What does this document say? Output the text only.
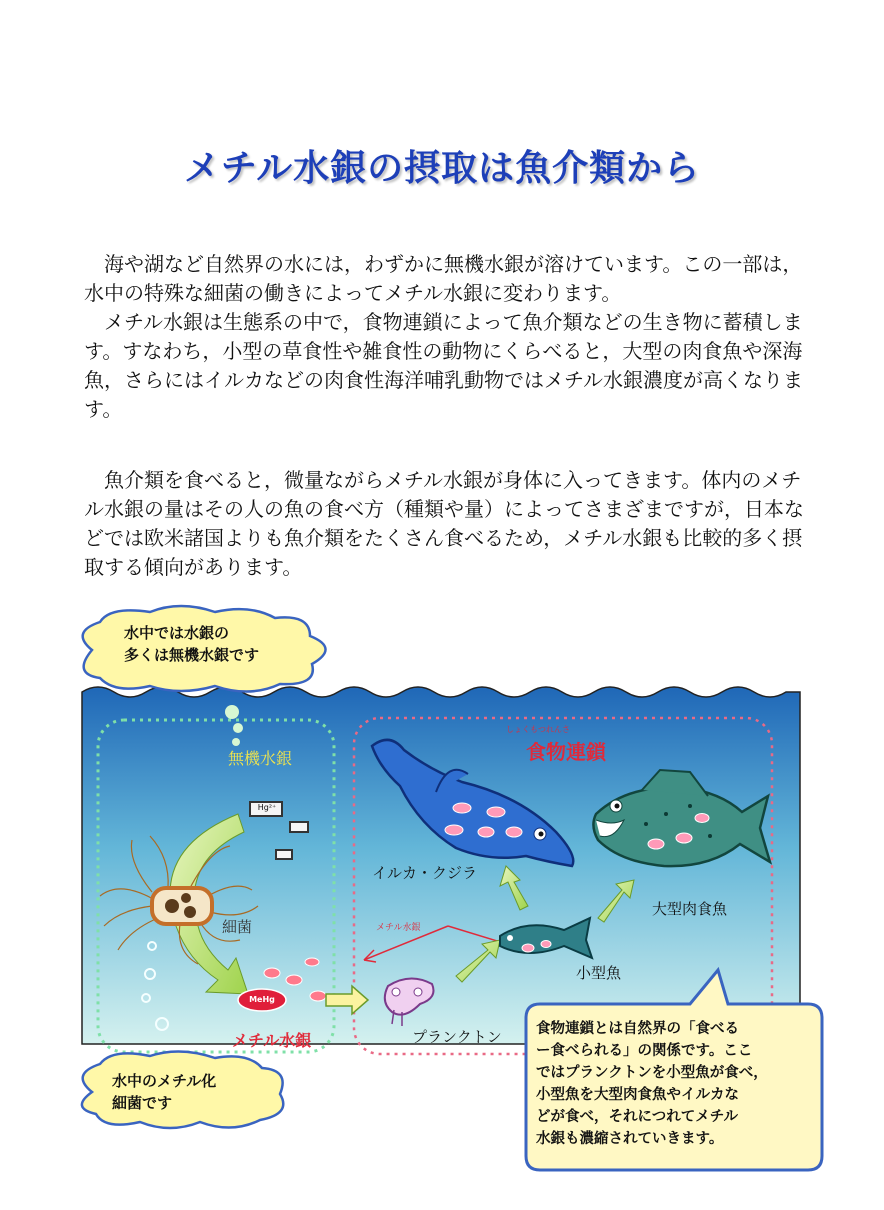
メチル水銀の摂取は魚介類から

　海や湖など自然界の水には，わずかに無機水銀が溶けています。この一部は，水中の特殊な細菌の働きによってメチル水銀に変わります。
　メチル水銀は生態系の中で，食物連鎖によって魚介類などの生き物に蓄積します。すなわち，小型の草食性や雑食性の動物にくらべると，大型の肉食魚や深海魚，さらにはイルカなどの肉食性海洋哺乳動物ではメチル水銀濃度が高くなります。

　魚介類を食べると，微量ながらメチル水銀が身体に入ってきます。体内のメチル水銀の量はその人の魚の食べ方（種類や量）によってさまざまですが，日本などでは欧米諸国よりも魚介類をたくさん食べるため，メチル水銀も比較的多く摂取する傾向があります。

水中では水銀の
多くは無機水銀です
水中のメチル化
細菌です
無機水銀
Hg²⁺
細菌
MeHg
メチル水銀
しょくもつれんさ
食物連鎖
イルカ・クジラ
大型肉食魚
小型魚
プランクトン
メチル水銀
食物連鎖とは自然界の「食べる
ー食べられる」の関係です。ここ
ではプランクトンを小型魚が食べ，
小型魚を大型肉食魚やイルカな
どが食べ，それにつれてメチル
水銀も濃縮されていきます。
